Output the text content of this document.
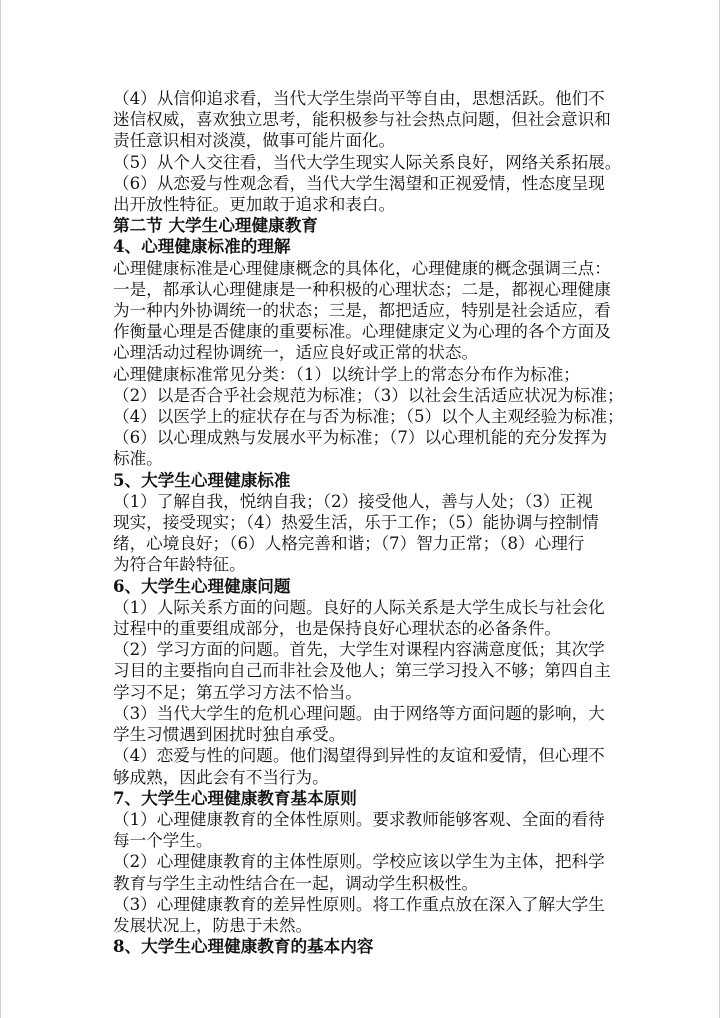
（4）从信仰追求看，当代大学生崇尚平等自由，思想活跃。他们不
迷信权威，喜欢独立思考，能积极参与社会热点问题，但社会意识和
责任意识相对淡漠，做事可能片面化。
（5）从个人交往看，当代大学生现实人际关系良好，网络关系拓展。
（6）从恋爱与性观念看，当代大学生渴望和正视爱情，性态度呈现
出开放性特征。更加敢于追求和表白。
第二节 大学生心理健康教育
4、心理健康标准的理解
心理健康标准是心理健康概念的具体化，心理健康的概念强调三点：
一是，都承认心理健康是一种积极的心理状态；二是，都视心理健康
为一种内外协调统一的状态；三是，都把适应，特别是社会适应，看
作衡量心理是否健康的重要标准。心理健康定义为心理的各个方面及
心理活动过程协调统一，适应良好或正常的状态。
心理健康标准常见分类：（1）以统计学上的常态分布作为标准；
（2）以是否合乎社会规范为标准；（3）以社会生活适应状况为标准；
（4）以医学上的症状存在与否为标准；（5）以个人主观经验为标准；
（6）以心理成熟与发展水平为标准；（7）以心理机能的充分发挥为
标准。
5、大学生心理健康标准
（1）了解自我，悦纳自我；（2）接受他人，善与人处；（3）正视
现实，接受现实；（4）热爱生活，乐于工作；（5）能协调与控制情
绪，心境良好；（6）人格完善和谐；（7）智力正常；（8）心理行
为符合年龄特征。
6、大学生心理健康问题
（1）人际关系方面的问题。良好的人际关系是大学生成长与社会化
过程中的重要组成部分，也是保持良好心理状态的必备条件。
（2）学习方面的问题。首先，大学生对课程内容满意度低；其次学
习目的主要指向自己而非社会及他人；第三学习投入不够；第四自主
学习不足；第五学习方法不恰当。
（3）当代大学生的危机心理问题。由于网络等方面问题的影响，大
学生习惯遇到困扰时独自承受。
（4）恋爱与性的问题。他们渴望得到异性的友谊和爱情，但心理不
够成熟，因此会有不当行为。
7、大学生心理健康教育基本原则
（1）心理健康教育的全体性原则。要求教师能够客观、全面的看待
每一个学生。
（2）心理健康教育的主体性原则。学校应该以学生为主体，把科学
教育与学生主动性结合在一起，调动学生积极性。
（3）心理健康教育的差异性原则。将工作重点放在深入了解大学生
发展状况上，防患于未然。
8、大学生心理健康教育的基本内容
